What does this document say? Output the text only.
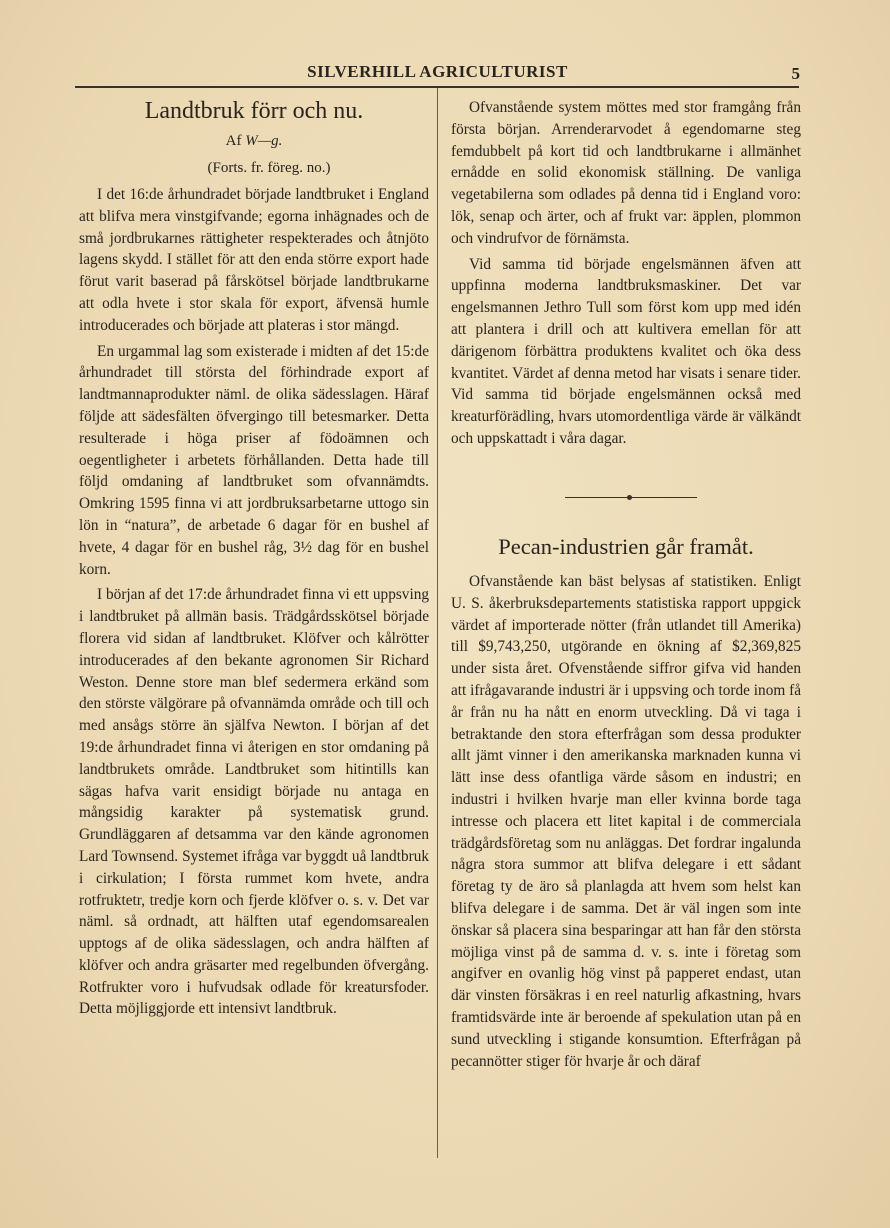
SILVERHILL AGRICULTURIST	5
Landtbruk förr och nu.
Af W—g.
(Forts. fr. föreg. no.)

I det 16:de århundradet började landtbruket i England att blifva mera vinstgifvande; egorna inhägnades och de små jordbrukarnes rättigheter respekterades och åtnjöto lagens skydd. I stället för att den enda större export hade förut varit baserad på fårskötsel började landtbrukarne att odla hvete i stor skala för export, äfvensä humle introducerades och började att plateras i stor mängd.

En urgammal lag som existerade i midten af det 15:de århundradet till största del förhindrade export af landtmannaprodukter näml. de olika sädesslagen. Häraf följde att sädesfälten öfvergingo till betesmarker. Detta resulterade i höga priser af födoämnen och oegentligheter i arbetets förhållanden. Detta hade till följd omdaning af landtbruket som ofvannämdts. Omkring 1595 finna vi att jordbruksarbetarne uttogo sin lön in “natura”, de arbetade 6 dagar för en bushel af hvete, 4 dagar för en bushel råg, 3½ dag för en bushel korn.

I början af det 17:de århundradet finna vi ett uppsving i landtbruket på allmän basis. Trädgårdsskötsel började florera vid sidan af landtbruket. Klöfver och kålrötter introducerades af den bekante agronomen Sir Richard Weston. Denne store man blef sedermera erkänd som den störste välgörare på ofvannämda område och till och med ansågs större än själfva Newton. I början af det 19:de århundradet finna vi återigen en stor omdaning på landtbrukets område. Landtbruket som hitintills kan sägas hafva varit ensidigt började nu antaga en mångsidig karakter på systematisk grund. Grundläggaren af detsamma var den kände agronomen Lard Townsend. Systemet ifråga var byggdt uå landtbruk i cirkulation; I första rummet kom hvete, andra rotfruktetr, tredje korn och fjerde klöfver o. s. v. Det var näml. så ordnadt, att hälften utaf egendomsarealen upptogs af de olika sädesslagen, och andra hälften af klöfver och andra gräsarter med regelbunden öfvergång. Rotfrukter voro i hufvudsak odlade för kreatursfoder. Detta möjliggjorde ett intensivt landtbruk.

Ofvanstående system möttes med stor framgång från första början. Arrenderarvodet å egendomarne steg femdubbelt på kort tid och landtbrukarne i allmänhet ernådde en solid ekonomisk ställning. De vanliga vegetabilerna som odlades på denna tid i England voro: lök, senap och ärter, och af frukt var: äpplen, plommon och vindrufvor de förnämsta.

Vid samma tid började engelsmännen äfven att uppfinna moderna landtbruksmaskiner. Det var engelsmannen Jethro Tull som först kom upp med idén att plantera i drill och att kultivera emellan för att därigenom förbättra produktens kvalitet och öka dess kvantitet. Värdet af denna metod har visats i senare tider. Vid samma tid började engelsmännen också med kreaturförädling, hvars utomordentliga värde är välkändt och uppskattadt i våra dagar.

Pecan-industrien går framåt.

Ofvanstående kan bäst belysas af statistiken. Enligt U. S. åkerbruksdepartements statistiska rapport uppgick värdet af importerade nötter (från utlandet till Amerika) till $9,743,250, utgörande en ökning af $2,369,825 under sista året. Ofvenstående siffror gifva vid handen att ifrågavarande industri är i uppsving och torde inom få år från nu ha nått en enorm utveckling. Då vi taga i betraktande den stora efterfrågan som dessa produkter allt jämt vinner i den amerikanska marknaden kunna vi lätt inse dess ofantliga värde såsom en industri; en industri i hvilken hvarje man eller kvinna borde taga intresse och placera ett litet kapital i de commerciala trädgårdsföretag som nu anläggas. Det fordrar ingalunda några stora summor att blifva delegare i ett sådant företag ty de äro så planlagda att hvem som helst kan blifva delegare i de samma. Det är väl ingen som inte önskar så placera sina besparingar att han får den största möjliga vinst på de samma d. v. s. inte i företag som angifver en ovanlig hög vinst på papperet endast, utan där vinsten försäkras i en reel naturlig afkastning, hvars framtidsvärde inte är beroende af spekulation utan på en sund utveckling i stigande konsumtion. Efterfrågan på pecannötter stiger för hvarje år och däraf
